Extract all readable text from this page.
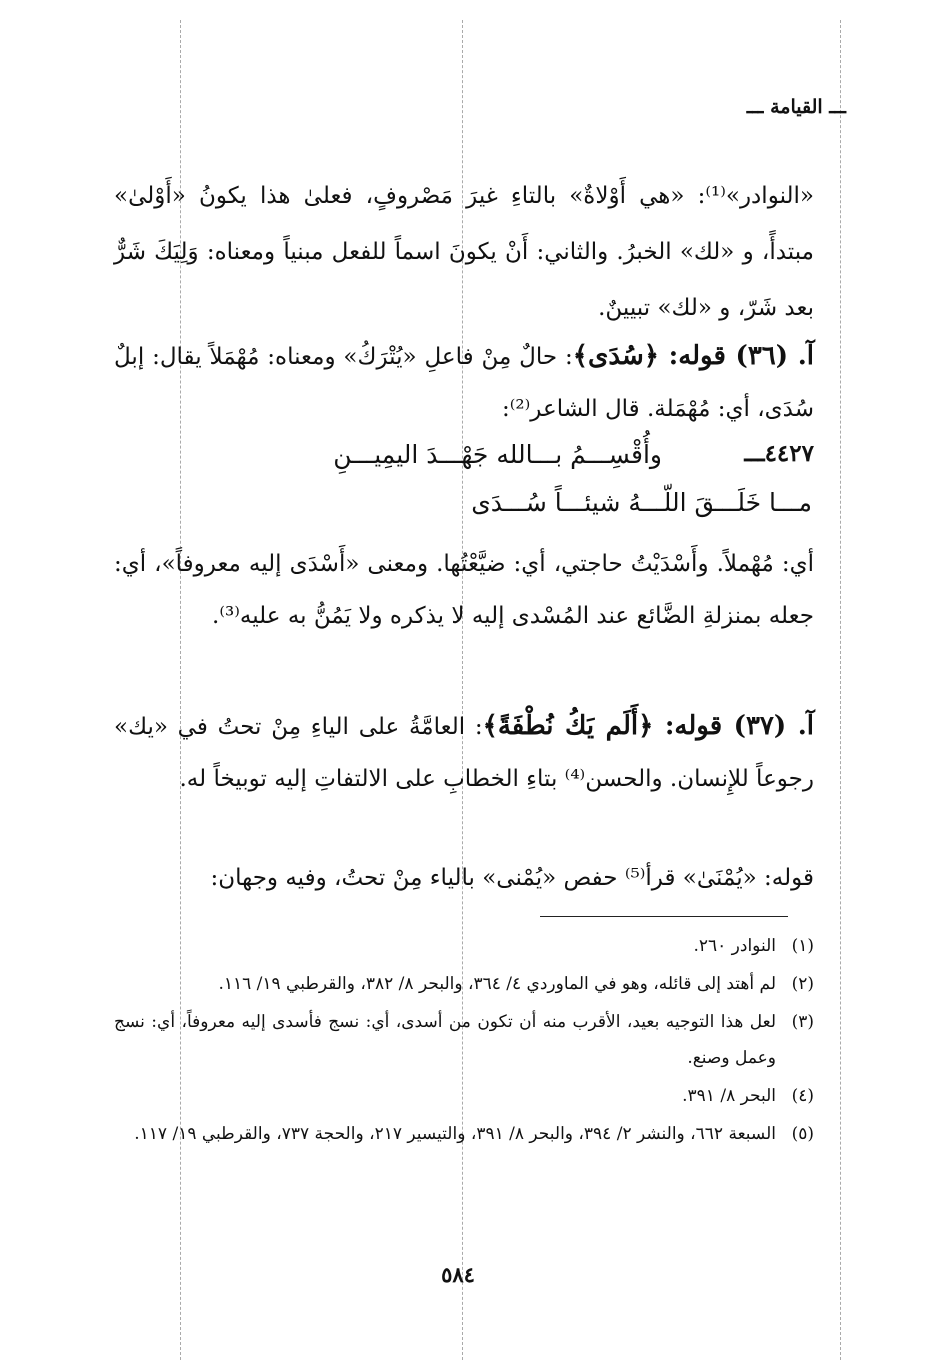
ـــ القيامة ـــ
«النوادر»⁽¹⁾: «هي أَوْلاةٌ» بالتاءِ غيرَ مَصْروفٍ، فعلىٰ هذا يكونُ «أَوْلىٰ» مبتدأً، و «لك» الخبرُ. والثاني: أَنْ يكونَ اسماً للفعل مبنياً ومعناه: وَلِيَكَ شَرٌّ بعد شَرّ، و «لك» تبيينٌ.
آ. (٣٦) قوله: ﴿سُدَى﴾: حالٌ مِنْ فاعلِ «يُتْرَكُ» ومعناه: مُهْمَلاً يقال: إبلٌ سُدَى، أي: مُهْمَلة. قال الشاعر⁽²⁾:
٤٤٢٧ـــ
وأُقْسِـــمُ بـــالله جَهْـــدَ اليمِيـــنِ
مـــا خَلَـــقَ اللّـــهُ شيئـــاً سُـــدَى
أي: مُهْملاً. وأَسْدَيْتُ حاجتي، أي: ضيَّعْتُها. ومعنى «أَسْدَى إليه معروفاً»، أي: جعله بمنزلةِ الضَّائع عند المُسْدى إليه لا يذكره ولا يَمُنُّ به عليه⁽³⁾.
آ. (٣٧) قوله: ﴿أَلَم يَكُ نُطْفَةً﴾: العامَّةُ على الياءِ مِنْ تحتُ في «يك» رجوعاً للإِنسان. والحسن⁽⁴⁾ بتاءِ الخطابِ على الالتفاتِ إليه توبيخاً له.
قوله: «يُمْنَىٰ» قرأ⁽⁵⁾ حفص «يُمْنى» بالياء مِنْ تحتُ، وفيه وجهان:
(١)
النوادر ٢٦٠.
(٢)
لم أهتد إلى قائله، وهو في الماوردي ٤/ ٣٦٤، والبحر ٨/ ٣٨٢، والقرطبي ١٩/ ١١٦.
(٣)
لعل هذا التوجيه بعيد، الأقرب منه أن تكون من أسدى، أي: نسج فأسدى إليه معروفاً، أي: نسج وعمل وصنع.
(٤)
البحر ٨/ ٣٩١.
(٥)
السبعة ٦٦٢، والنشر ٢/ ٣٩٤، والبحر ٨/ ٣٩١، والتيسير ٢١٧، والحجة ٧٣٧، والقرطبي ١٩/ ١١٧.
٥٨٤
